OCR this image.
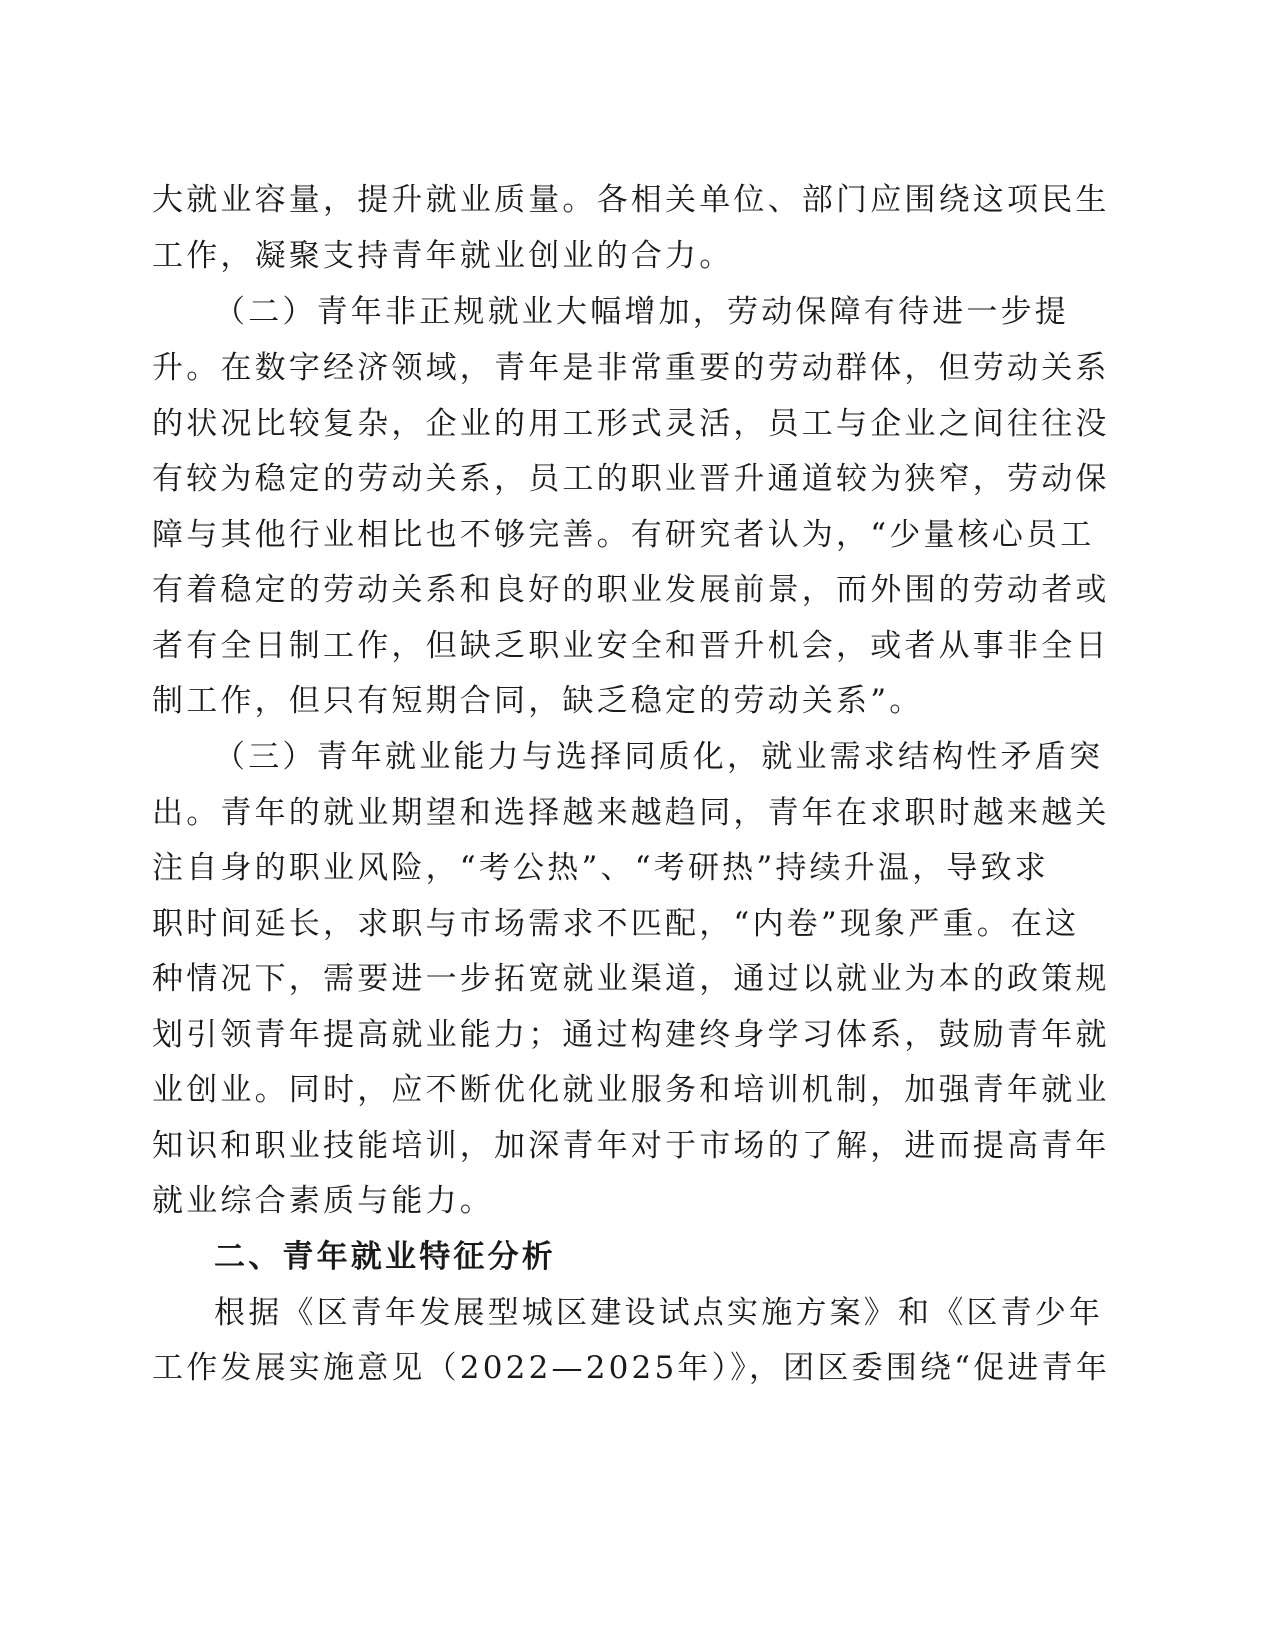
大就业容量，提升就业质量。各相关单位、部门应围绕这项民生
工作，凝聚支持青年就业创业的合力。
（二）青年非正规就业大幅增加，劳动保障有待进一步提
升。在数字经济领域，青年是非常重要的劳动群体，但劳动关系
的状况比较复杂，企业的用工形式灵活，员工与企业之间往往没
有较为稳定的劳动关系，员工的职业晋升通道较为狭窄，劳动保
障与其他行业相比也不够完善。有研究者认为，“少量核心员工
有着稳定的劳动关系和良好的职业发展前景，而外围的劳动者或
者有全日制工作，但缺乏职业安全和晋升机会，或者从事非全日
制工作，但只有短期合同，缺乏稳定的劳动关系”。
（三）青年就业能力与选择同质化，就业需求结构性矛盾突
出。青年的就业期望和选择越来越趋同，青年在求职时越来越关
注自身的职业风险，“考公热”、“考研热”持续升温，导致求
职时间延长，求职与市场需求不匹配，“内卷”现象严重。在这
种情况下，需要进一步拓宽就业渠道，通过以就业为本的政策规
划引领青年提高就业能力；通过构建终身学习体系，鼓励青年就
业创业。同时，应不断优化就业服务和培训机制，加强青年就业
知识和职业技能培训，加深青年对于市场的了解，进而提高青年
就业综合素质与能力。
二、青年就业特征分析
根据《区青年发展型城区建设试点实施方案》和《区青少年
工作发展实施意见（2022—2025年）》，团区委围绕“促进青年
